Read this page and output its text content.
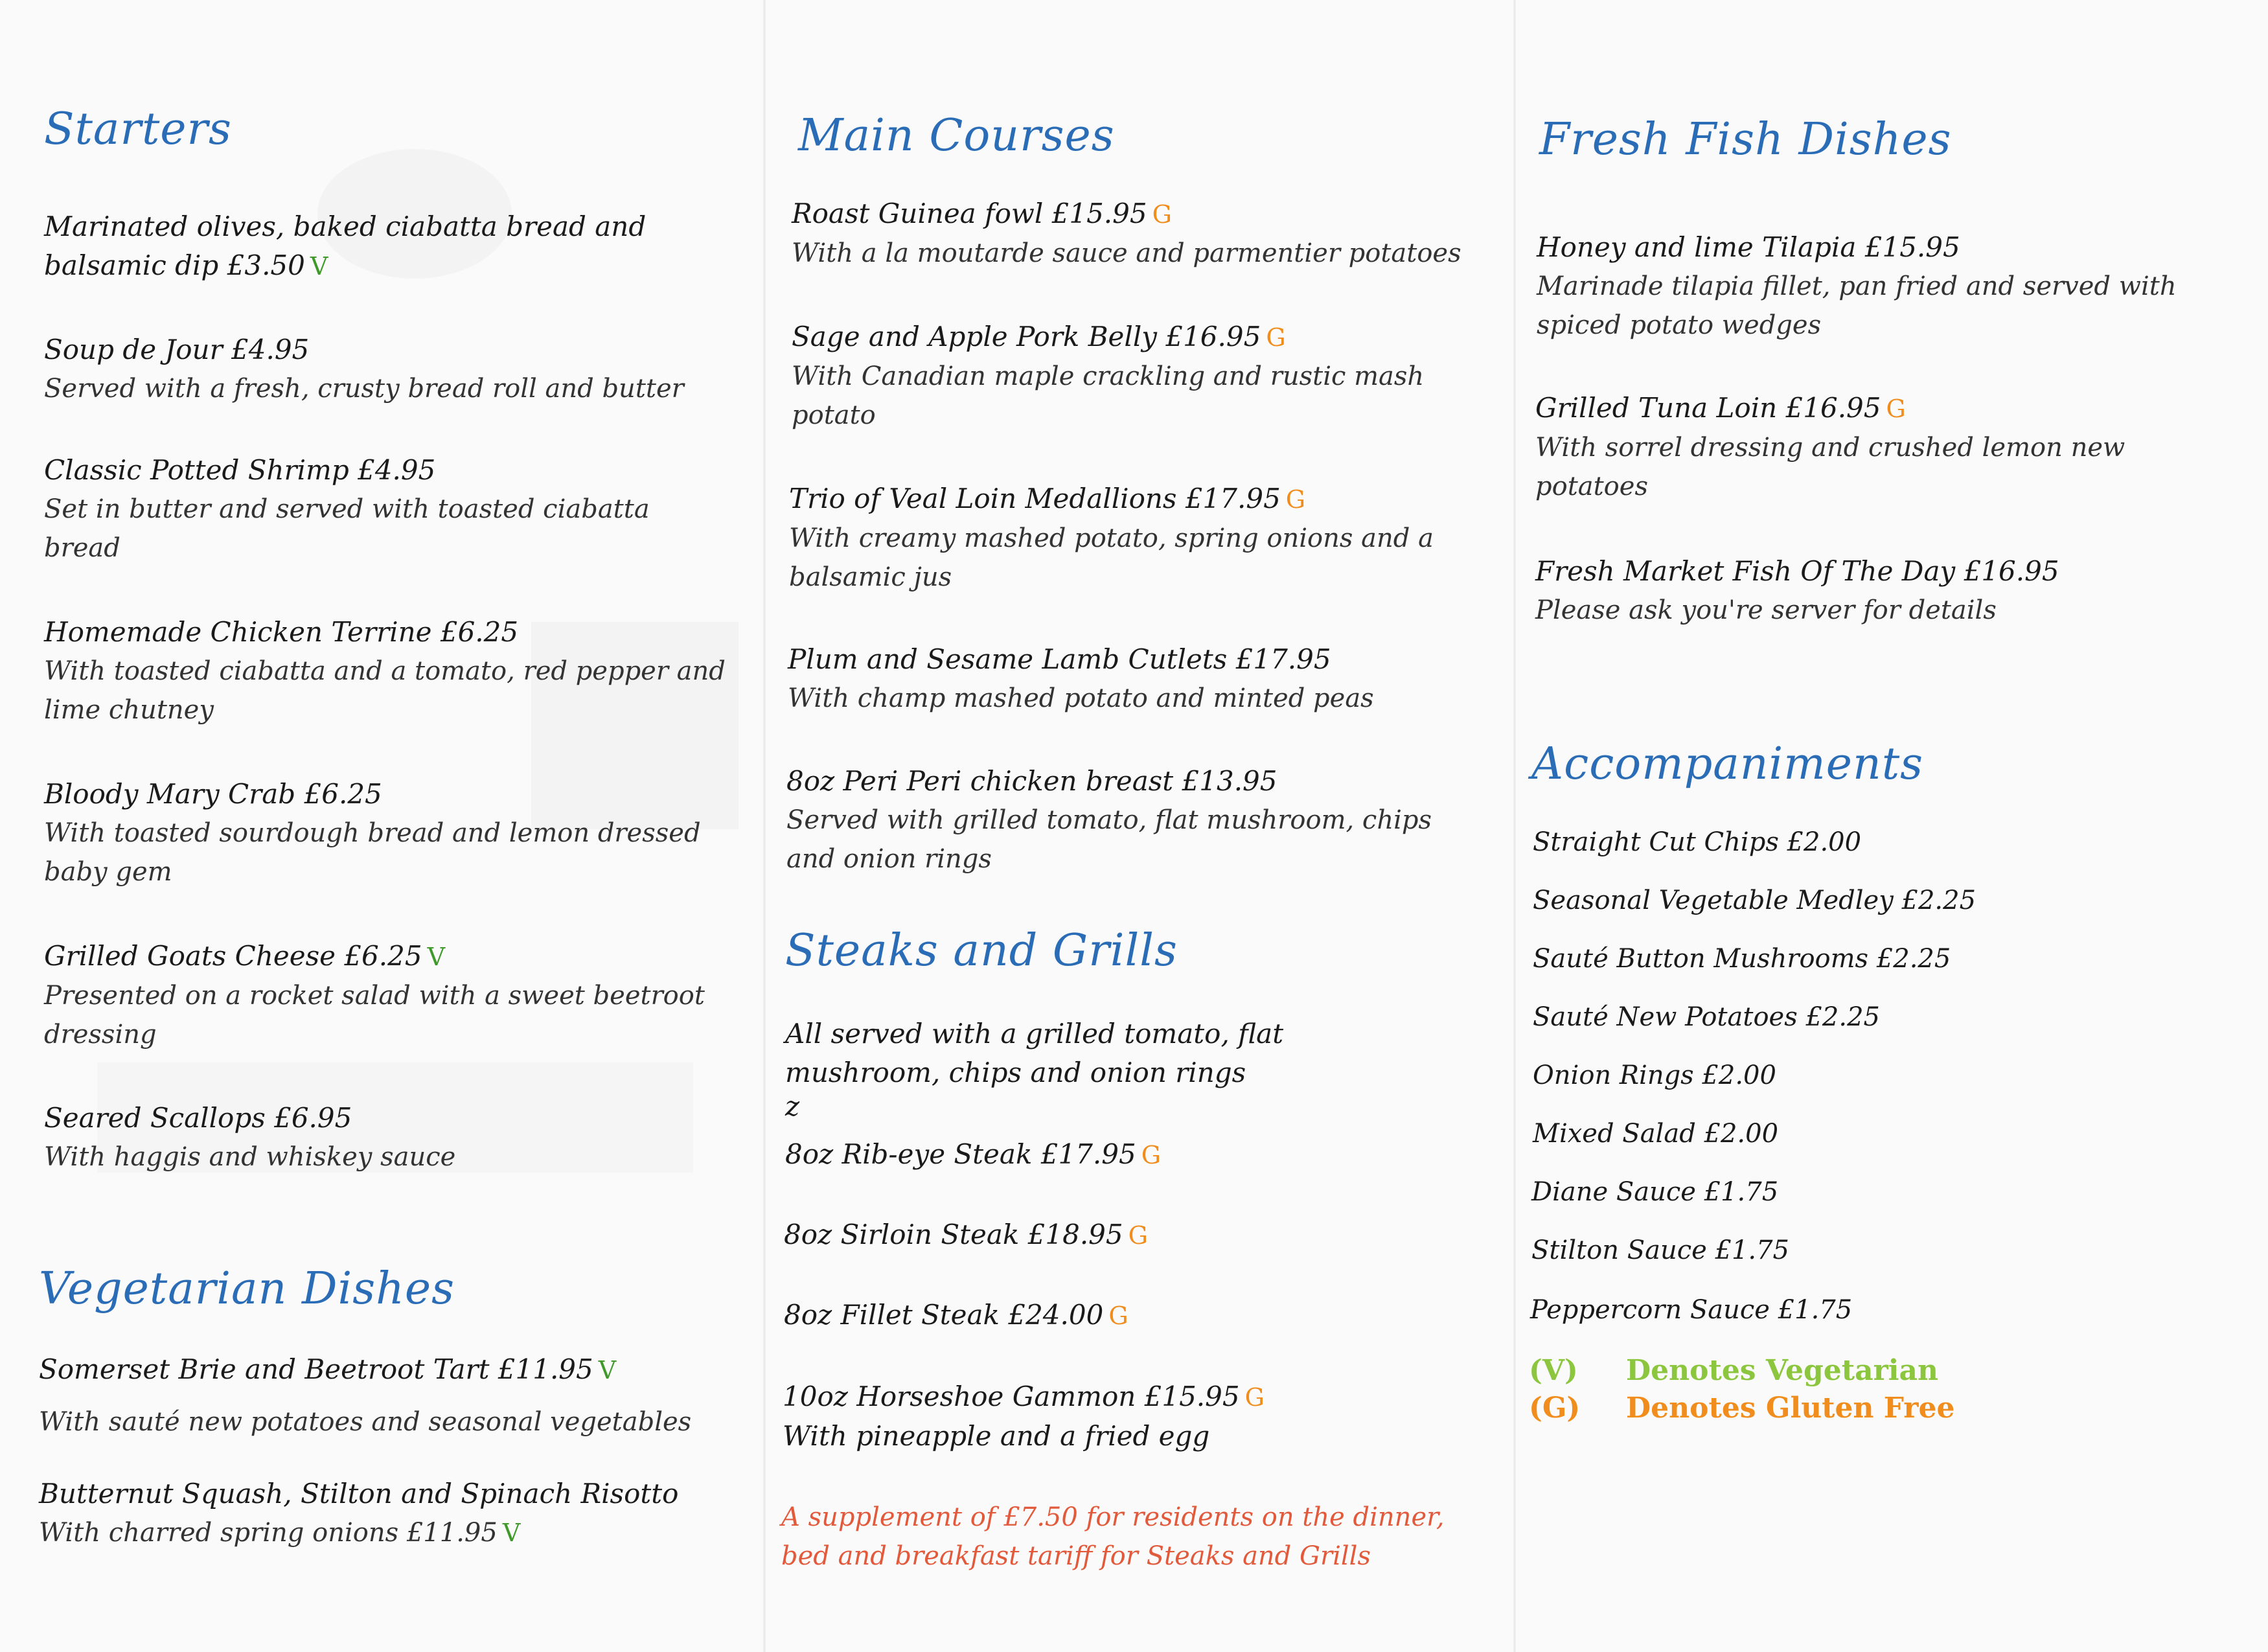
Starters
Marinated olives, baked ciabatta bread and balsamic dip £3.50 V
Soup de Jour £4.95
Served with a fresh, crusty bread roll and butter
Classic Potted Shrimp £4.95
Set in butter and served with toasted ciabatta bread
Homemade Chicken Terrine £6.25
With toasted ciabatta and a tomato, red pepper and lime chutney
Bloody Mary Crab £6.25
With toasted sourdough bread and lemon dressed baby gem
Grilled Goats Cheese £6.25 V
Presented on a rocket salad with a sweet beetroot dressing
Seared Scallops £6.95
With haggis and whiskey sauce
Vegetarian Dishes
Somerset Brie and Beetroot Tart £11.95 V
With sauté new potatoes and seasonal vegetables
Butternut Squash, Stilton and Spinach Risotto
With charred spring onions £11.95 V
Main Courses
Roast Guinea fowl £15.95 G
With a la moutarde sauce and parmentier potatoes
Sage and Apple Pork Belly £16.95 G
With Canadian maple crackling and rustic mash potato
Trio of Veal Loin Medallions £17.95 G
With creamy mashed potato, spring onions and a balsamic jus
Plum and Sesame Lamb Cutlets £17.95
With champ mashed potato and minted peas
8oz Peri Peri chicken breast £13.95
Served with grilled tomato, flat mushroom, chips and onion rings
Steaks and Grills
All served with a grilled tomato, flat mushroom, chips and onion rings
z
8oz Rib-eye Steak £17.95 G
8oz Sirloin Steak £18.95 G
8oz Fillet Steak £24.00 G
10oz Horseshoe Gammon £15.95 G
With pineapple and a fried egg
A supplement of £7.50 for residents on the dinner, bed and breakfast tariff for Steaks and Grills
Fresh Fish Dishes
Honey and lime Tilapia £15.95
Marinade tilapia fillet, pan fried and served with spiced potato wedges
Grilled Tuna Loin £16.95 G
With sorrel dressing and crushed lemon new potatoes
Fresh Market Fish Of The Day £16.95
Please ask you're server for details
Accompaniments
Straight Cut Chips £2.00
Seasonal Vegetable Medley £2.25
Sauté Button Mushrooms £2.25
Sauté New Potatoes £2.25
Onion Rings £2.00
Mixed Salad £2.00
Diane Sauce £1.75
Stilton Sauce £1.75
Peppercorn Sauce £1.75
(V) Denotes Vegetarian
(G) Denotes Gluten Free
